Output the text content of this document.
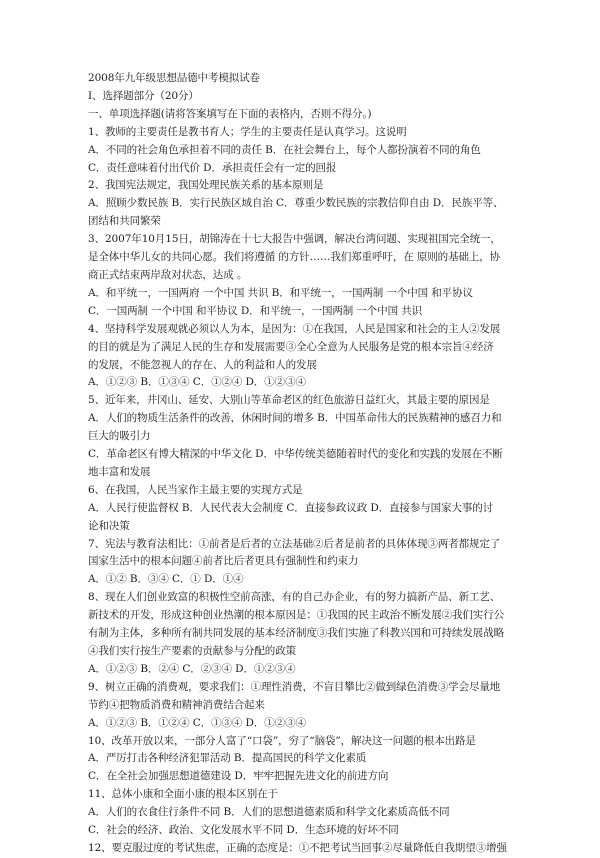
2008年九年级思想品德中考模拟试卷
Ⅰ、选择题部分（20分）
一、单项选择题(请将答案填写在下面的表格内，否则不得分。)
1、教师的主要责任是教书育人；学生的主要责任是认真学习。这说明
A．不同的社会角色承担着不同的责任 B．在社会舞台上，每个人都扮演着不同的角色
C．责任意味着付出代价 D．承担责任会有一定的回报
2、我国宪法规定，我国处理民族关系的基本原则是
A．照顾少数民族 B．实行民族区域自治 C．尊重少数民族的宗教信仰自由 D．民族平等、
团结和共同繁荣
3、2007年10月15日，胡锦涛在十七大报告中强调，解决台湾问题、实现祖国完全统一，
是全体中华儿女的共同心愿。我们将遵循 的方针……我们郑重呼吁，在 原则的基础上，协
商正式结束两岸敌对状态，达成 。
A．和平统一，一国两府 一个中国 共识 B．和平统一，一国两制 一个中国 和平协议
C．一国两制 一个中国 和平协议 D．和平统一，一国两制 一个中国 共识
4、坚持科学发展观就必须以人为本，是因为：①在我国，人民是国家和社会的主人②发展
的目的就是为了满足人民的生存和发展需要③全心全意为人民服务是党的根本宗旨④经济
的发展，不能忽视人的存在、人的利益和人的发展
A．①②③ B．①③④ C．①②④ D．①②③④
5、近年来，井冈山、延安、大别山等革命老区的红色旅游日益红火，其最主要的原因是
A．人们的物质生活条件的改善，休闲时间的增多 B．中国革命伟大的民族精神的感召力和
巨大的吸引力
C．革命老区有博大精深的中华文化 D．中华传统美德随着时代的变化和实践的发展在不断
地丰富和发展
6、在我国，人民当家作主最主要的实现方式是
A．人民行使监督权 B．人民代表大会制度 C．直接参政议政 D．直接参与国家大事的讨
论和决策
7、宪法与教育法相比：①前者是后者的立法基础②后者是前者的具体体现③两者都规定了
国家生活中的根本问题④前者比后者更具有强制性和约束力
A．①② B．③④ C．① D．①④
8、现在人们创业致富的积极性空前高涨，有的自己办企业，有的努力搞新产品、新工艺、
新技术的开发，形成这种创业热潮的根本原因是：①我国的民主政治不断发展②我们实行公
有制为主体，多种所有制共同发展的基本经济制度③我们实施了科教兴国和可持续发展战略
④我们实行按生产要素的贡献参与分配的政策
A．①②③ B．②④ C．②③④ D．①②③④
9、树立正确的消费观，要求我们：①理性消费，不盲目攀比②做到绿色消费③学会尽量地
节约④把物质消费和精神消费结合起来
A．①②③ B．①②④ C．①③④ D．①②③④
10、改革开放以来，一部分人富了“口袋”，穷了“脑袋”，解决这一问题的根本出路是
A．严厉打击各种经济犯罪活动 B．提高国民的科学文化素质
C．在全社会加强思想道德建设 D．牢牢把握先进文化的前进方向
11、总体小康和全面小康的根本区别在于
A．人们的衣食住行条件不同 B．人们的思想道德素质和科学文化素质高低不同
C．社会的经济、政治、文化发展水平不同 D．生态环境的好坏不同
12、要克服过度的考试焦虑，正确的态度是：①不把考试当回事②尽量降低自我期望③增强
